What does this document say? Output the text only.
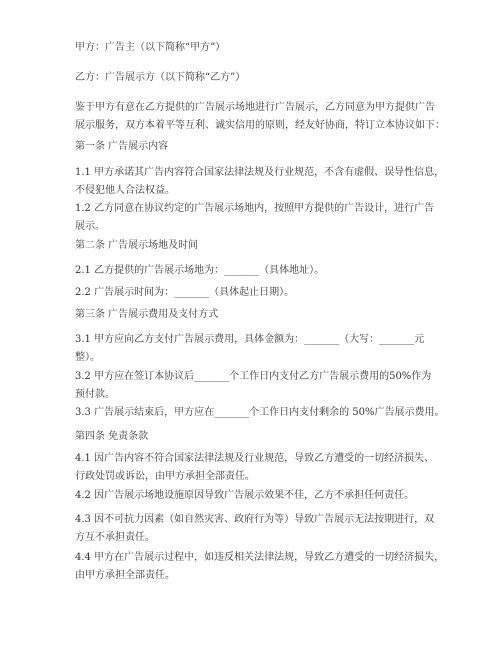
甲方：广告主（以下简称“甲方”）

乙方：广告展示方（以下简称“乙方”）

鉴于甲方有意在乙方提供的广告展示场地进行广告展示，乙方同意为甲方提供广告

展示服务，双方本着平等互利、诚实信用的原则，经友好协商，特订立本协议如下：

第一条 广告展示内容

1.1 甲方承诺其广告内容符合国家法律法规及行业规范，不含有虚假、误导性信息，

不侵犯他人合法权益。

1.2 乙方同意在协议约定的广告展示场地内，按照甲方提供的广告设计，进行广告

展示。

第二条 广告展示场地及时间

2.1 乙方提供的广告展示场地为：_______（具体地址）。

2.2 广告展示时间为：_______（具体起止日期）。

第三条 广告展示费用及支付方式

3.1 甲方应向乙方支付广告展示费用，具体金额为：_______（大写：_______元

整）。

3.2 甲方应在签订本协议后_______个工作日内支付乙方广告展示费用的50%作为

预付款。

3.3 广告展示结束后，甲方应在_______个工作日内支付剩余的 50%广告展示费用。

第四条 免责条款

4.1 因广告内容不符合国家法律法规及行业规范，导致乙方遭受的一切经济损失、

行政处罚或诉讼，由甲方承担全部责任。

4.2 因广告展示场地设施原因导致广告展示效果不佳，乙方不承担任何责任。

4.3 因不可抗力因素（如自然灾害、政府行为等）导致广告展示无法按期进行，双

方互不承担责任。

4.4 甲方在广告展示过程中，如违反相关法律法规，导致乙方遭受的一切经济损失，

由甲方承担全部责任。
